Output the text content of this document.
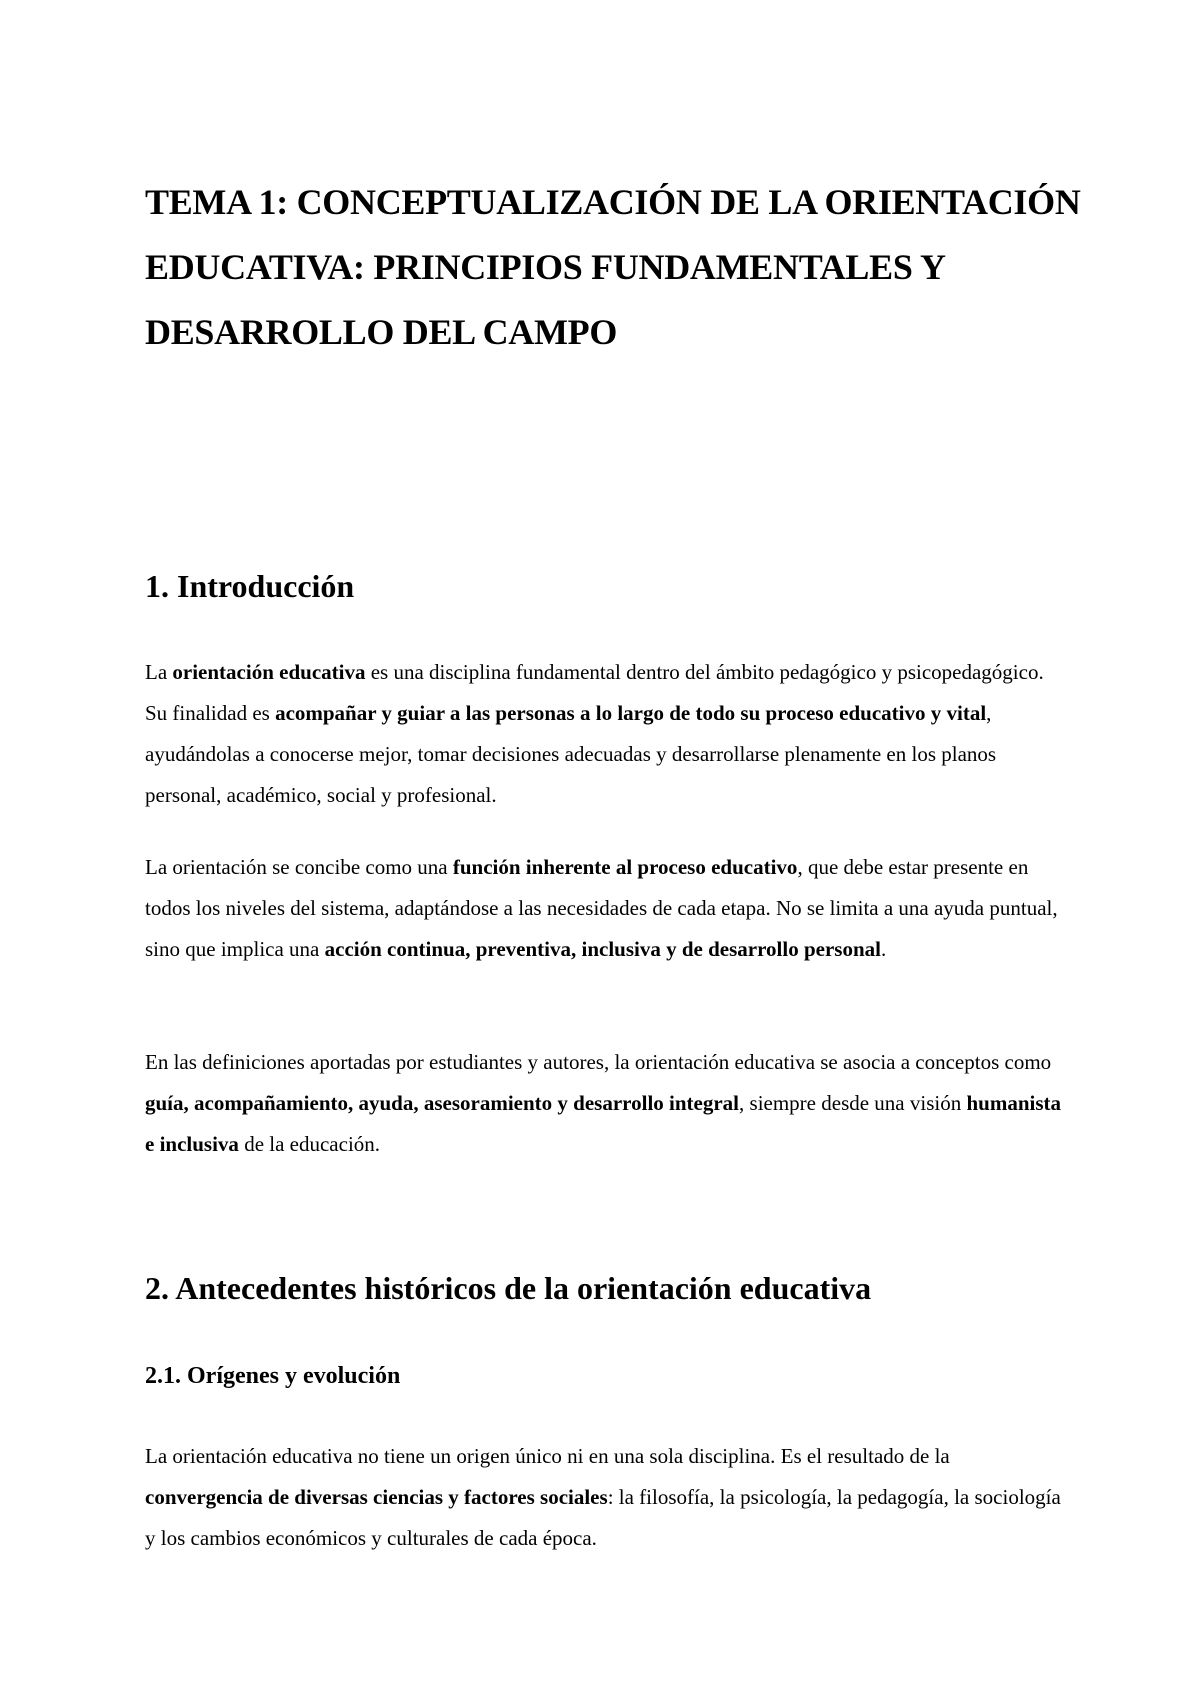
TEMA 1: CONCEPTUALIZACIÓN DE LA ORIENTACIÓN EDUCATIVA: PRINCIPIOS FUNDAMENTALES Y DESARROLLO DEL CAMPO
1. Introducción

La orientación educativa es una disciplina fundamental dentro del ámbito pedagógico y psicopedagógico. Su finalidad es acompañar y guiar a las personas a lo largo de todo su proceso educativo y vital, ayudándolas a conocerse mejor, tomar decisiones adecuadas y desarrollarse plenamente en los planos personal, académico, social y profesional.

La orientación se concibe como una función inherente al proceso educativo, que debe estar presente en todos los niveles del sistema, adaptándose a las necesidades de cada etapa. No se limita a una ayuda puntual, sino que implica una acción continua, preventiva, inclusiva y de desarrollo personal.

En las definiciones aportadas por estudiantes y autores, la orientación educativa se asocia a conceptos como guía, acompañamiento, ayuda, asesoramiento y desarrollo integral, siempre desde una visión humanista e inclusiva de la educación.

2. Antecedentes históricos de la orientación educativa
2.1. Orígenes y evolución

La orientación educativa no tiene un origen único ni en una sola disciplina. Es el resultado de la convergencia de diversas ciencias y factores sociales: la filosofía, la psicología, la pedagogía, la sociología y los cambios económicos y culturales de cada época.
